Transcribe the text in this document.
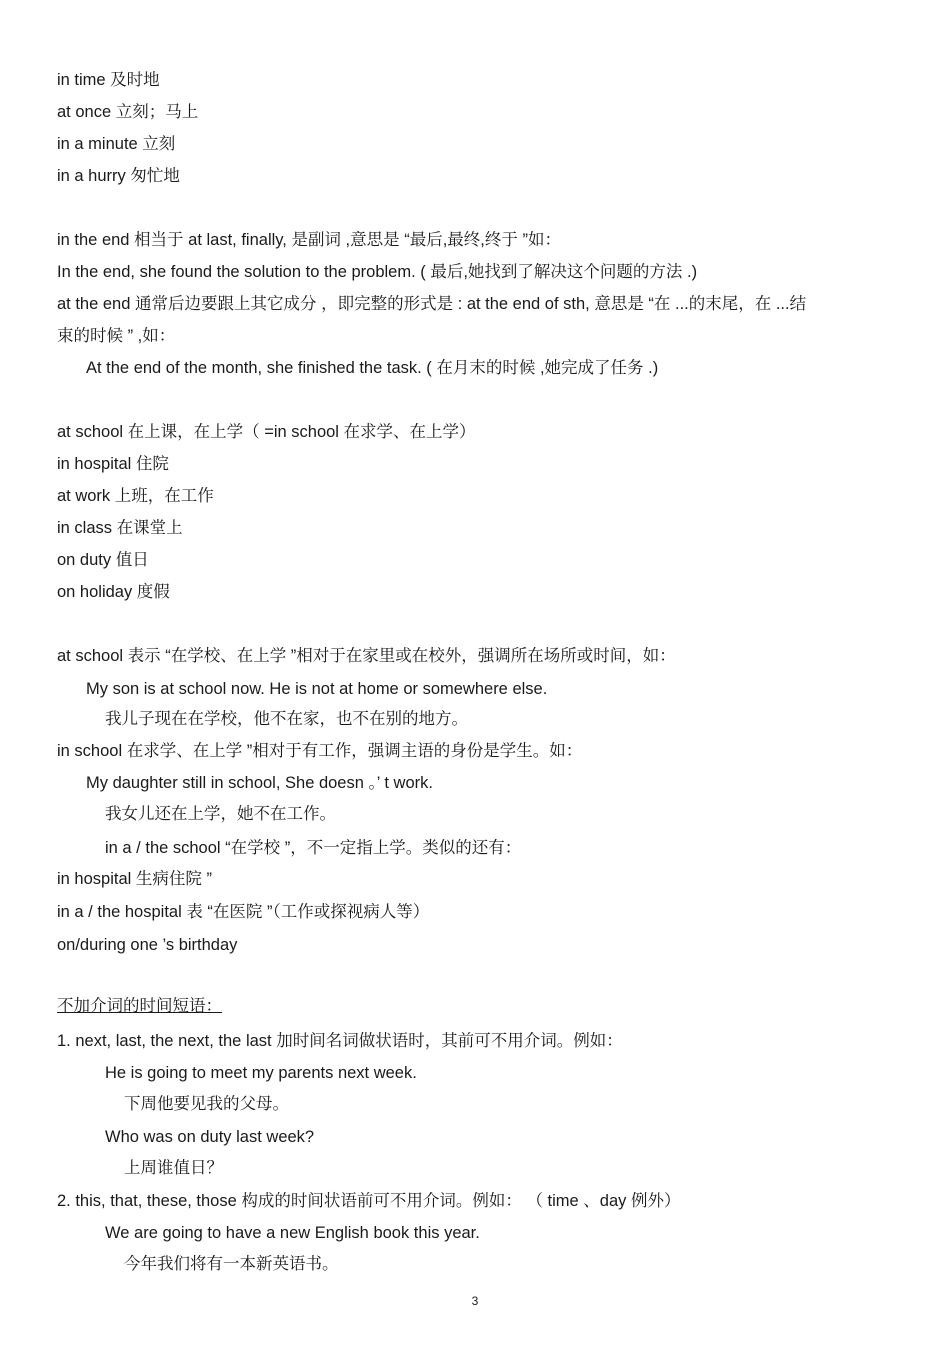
in time 及时地

at once 立刻；马上

in a minute 立刻

in a hurry 匆忙地

in the end 相当于 at last, finally, 是副词 ,意思是 “最后,最终,终于 ”如：

In the end, she found the solution to the problem. ( 最后,她找到了解决这个问题的方法 .)

at the end 通常后边要跟上其它成分 ，即完整的形式是 : at the end of sth, 意思是 “在 ...的末尾，在 ...结

束的时候 ” ,如：

At the end of the month, she finished the task. ( 在月末的时候 ,她完成了任务 .)

at school 在上课，在上学（ =in school 在求学、在上学）

in hospital 住院

at work 上班，在工作

in class 在课堂上

on duty 值日

on holiday 度假

at school 表示 “在学校、在上学 ”相对于在家里或在校外，强调所在场所或时间，如：

My son is at school now. He is not at home or somewhere else.

我儿子现在在学校，他不在家，也不在别的地方。

in school 在求学、在上学 ”相对于有工作，强调主语的身份是学生。如：

My daughter still in school, She doesn 。’ t work.

我女儿还在上学，她不在工作。

in a / the school “在学校 ”，不一定指上学。类似的还有：

in hospital 生病住院 ”

in a / the hospital 表 “在医院 ”（工作或探视病人等）

on/during one ’s birthday

不加介词的时间短语：

1. next, last, the next, the last 加时间名词做状语时，其前可不用介词。例如：

He is going to meet my parents next week.

下周他要见我的父母。

Who was on duty last week?

上周谁值日？

2. this, that, these, those 构成的时间状语前可不用介词。例如： （ time 、day 例外）

We are going to have a new English book this year.

今年我们将有一本新英语书。

3
